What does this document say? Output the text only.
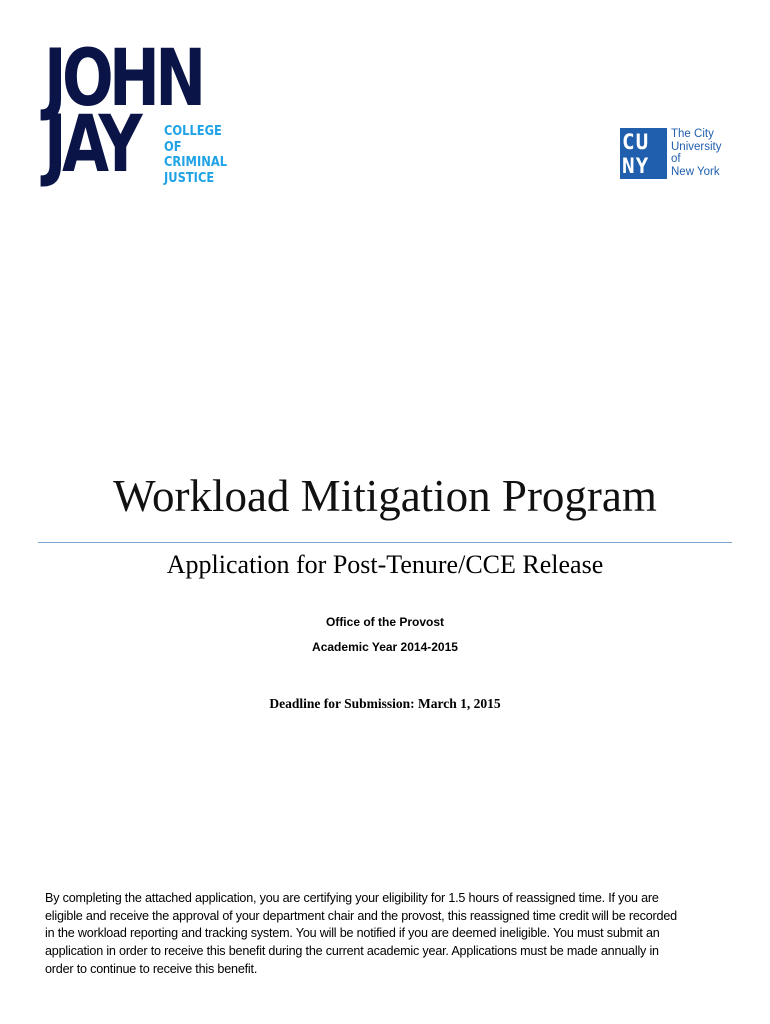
JOHN
JAY COLLEGE
OF
CRIMINAL
JUSTICE
CU
NY
The City
University
of
New York
Workload Mitigation Program
Application for Post-Tenure/CCE Release
Office of the Provost
Academic Year 2014-2015
Deadline for Submission: March 1, 2015
By completing the attached application, you are certifying your eligibility for 1.5 hours of reassigned time. If you are
eligible and receive the approval of your department chair and the provost, this reassigned time credit will be recorded
in the workload reporting and tracking system. You will be notified if you are deemed ineligible. You must submit an
application in order to receive this benefit during the current academic year. Applications must be made annually in
order to continue to receive this benefit.
